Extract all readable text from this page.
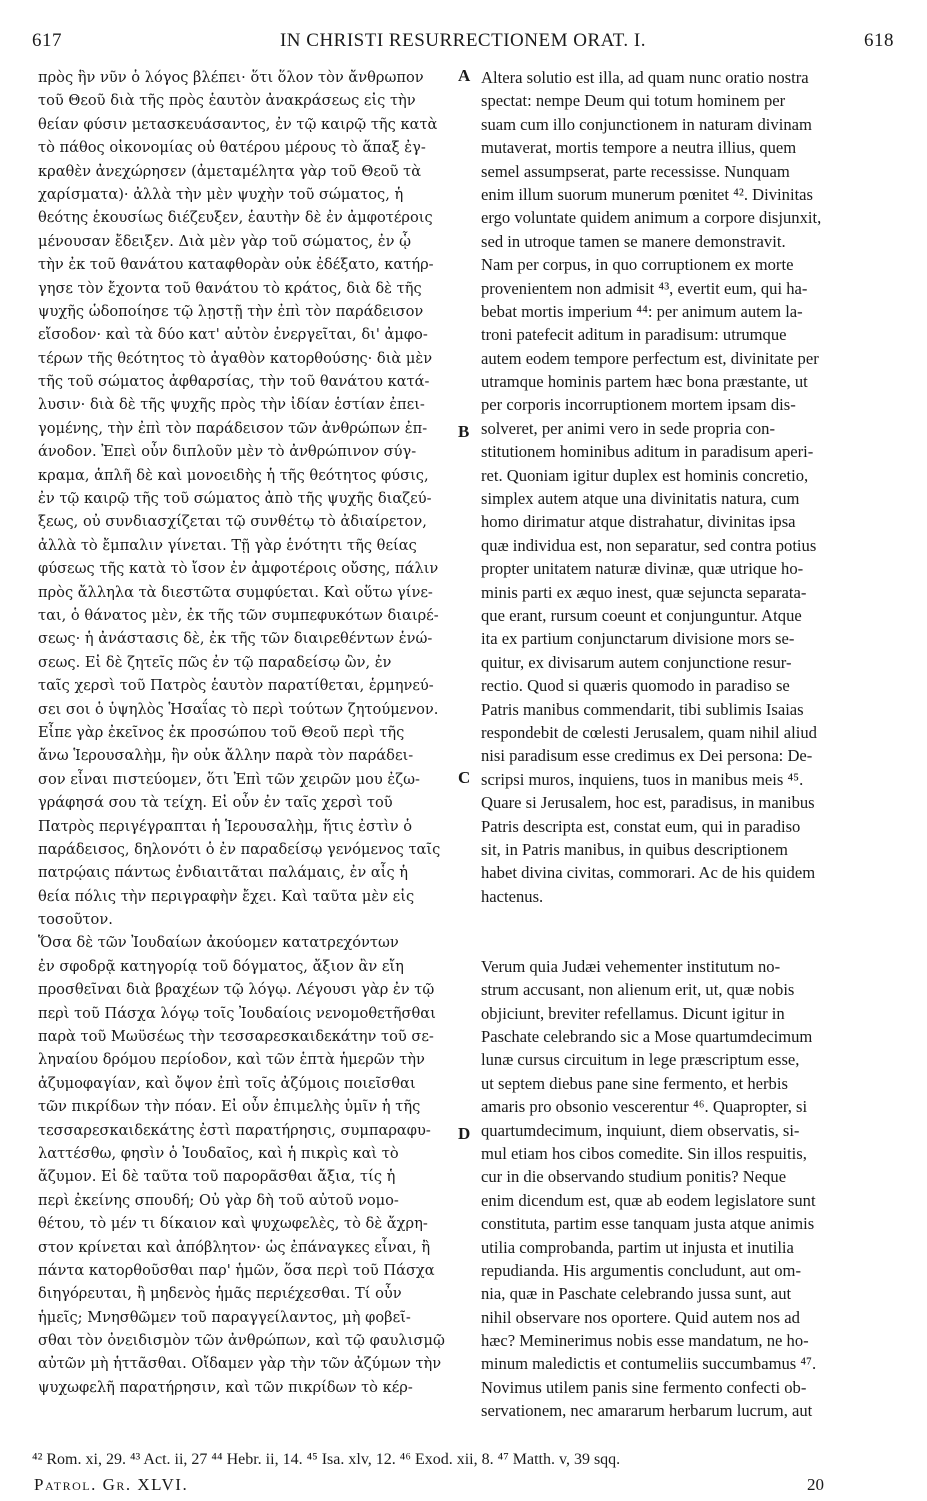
617	IN CHRISTI RESURRECTIONEM ORAT. I.	618
πρὸς ἣν νῦν ὁ λόγος βλέπει· ὅτι ὅλον τὸν ἄνθρωπον
τοῦ Θεοῦ διὰ τῆς πρὸς ἑαυτὸν ἀνακράσεως εἰς τὴν
θείαν φύσιν μετασκευάσαντος, ἐν τῷ καιρῷ τῆς κατὰ
τὸ πάθος οἰκονομίας οὐ θατέρου μέρους τὸ ἅπαξ ἐγ-
κραθὲν ἀνεχώρησεν (ἀμεταμέλητα γὰρ τοῦ Θεοῦ τὰ
χαρίσματα)· ἀλλὰ τὴν μὲν ψυχὴν τοῦ σώματος, ἡ
θεότης ἑκουσίως διέζευξεν, ἑαυτὴν δὲ ἐν ἀμφοτέροις
μένουσαν ἔδειξεν. Διὰ μὲν γὰρ τοῦ σώματος, ἐν ᾧ
τὴν ἐκ τοῦ θανάτου καταφθορὰν οὐκ ἐδέξατο, κατήρ-
γησε τὸν ἔχοντα τοῦ θανάτου τὸ κράτος, διὰ δὲ τῆς
ψυχῆς ὡδοποίησε τῷ λῃστῇ τὴν ἐπὶ τὸν παράδεισον
εἴσοδον· καὶ τὰ δύο κατ' αὐτὸν ἐνεργεῖται, δι' ἀμφο-
τέρων τῆς θεότητος τὸ ἀγαθὸν κατορθούσης· διὰ μὲν
τῆς τοῦ σώματος ἀφθαρσίας, τὴν τοῦ θανάτου κατά-
λυσιν· διὰ δὲ τῆς ψυχῆς πρὸς τὴν ἰδίαν ἑστίαν ἐπει-
γομένης, τὴν ἐπὶ τὸν παράδεισον τῶν ἀνθρώπων ἐπ-
άνοδον. Ἐπεὶ οὖν διπλοῦν μὲν τὸ ἀνθρώπινον σύγ-
κραμα, ἁπλῆ δὲ καὶ μονοειδὴς ἡ τῆς θεότητος φύσις,
ἐν τῷ καιρῷ τῆς τοῦ σώματος ἀπὸ τῆς ψυχῆς διαζεύ-
ξεως, οὐ συνδιασχίζεται τῷ συνθέτῳ τὸ ἀδιαίρετον,
ἀλλὰ τὸ ἔμπαλιν γίνεται. Τῇ γὰρ ἑνότητι τῆς θείας
φύσεως τῆς κατὰ τὸ ἴσον ἐν ἀμφοτέροις οὔσης, πάλιν
πρὸς ἄλληλα τὰ διεστῶτα συμφύεται. Καὶ οὕτω γίνε-
ται, ὁ θάνατος μὲν, ἐκ τῆς τῶν συμπεφυκότων διαιρέ-
σεως· ἡ ἀνάστασις δὲ, ἐκ τῆς τῶν διαιρεθέντων ἑνώ-
σεως. Εἰ δὲ ζητεῖς πῶς ἐν τῷ παραδείσῳ ὢν, ἐν
ταῖς χερσὶ τοῦ Πατρὸς ἑαυτὸν παρατίθεται, ἑρμηνεύ-
σει σοι ὁ ὑψηλὸς Ἡσαΐας τὸ περὶ τούτων ζητούμενον.
Εἶπε γὰρ ἐκεῖνος ἐκ προσώπου τοῦ Θεοῦ περὶ τῆς
ἄνω Ἱερουσαλὴμ, ἣν οὐκ ἄλλην παρὰ τὸν παράδει-
σον εἶναι πιστεύομεν, ὅτι Ἐπὶ τῶν χειρῶν μου ἐζω-
γράφησά σου τὰ τείχη. Εἰ οὖν ἐν ταῖς χερσὶ τοῦ
Πατρὸς περιγέγραπται ἡ Ἱερουσαλὴμ, ἥτις ἐστὶν ὁ
παράδεισος, δηλονότι ὁ ἐν παραδείσῳ γενόμενος ταῖς
πατρῴαις πάντως ἐνδιαιτᾶται παλάμαις, ἐν αἷς ἡ
θεία πόλις τὴν περιγραφὴν ἔχει. Καὶ ταῦτα μὲν εἰς
τοσοῦτον.
Ὅσα δὲ τῶν Ἰουδαίων ἀκούομεν κατατρεχόντων
ἐν σφοδρᾷ κατηγορίᾳ τοῦ δόγματος, ἄξιον ἂν εἴη
προσθεῖναι διὰ βραχέων τῷ λόγῳ. Λέγουσι γὰρ ἐν τῷ
περὶ τοῦ Πάσχα λόγῳ τοῖς Ἰουδαίοις νενομοθετῆσθαι
παρὰ τοῦ Μωϋσέως τὴν τεσσαρεσκαιδεκάτην τοῦ σε-
ληναίου δρόμου περίοδον, καὶ τῶν ἑπτὰ ἡμερῶν τὴν
ἀζυμοφαγίαν, καὶ ὄψον ἐπὶ τοῖς ἀζύμοις ποιεῖσθαι
τῶν πικρίδων τὴν πόαν. Εἰ οὖν ἐπιμελὴς ὑμῖν ἡ τῆς
τεσσαρεσκαιδεκάτης ἐστὶ παρατήρησις, συμπαραφυ-
λαττέσθω, φησὶν ὁ Ἰουδαῖος, καὶ ἡ πικρὶς καὶ τὸ
ἄζυμον. Εἰ δὲ ταῦτα τοῦ παρορᾶσθαι ἄξια, τίς ἡ
περὶ ἐκείνης σπουδή; Οὐ γὰρ δὴ τοῦ αὐτοῦ νομο-
θέτου, τὸ μέν τι δίκαιον καὶ ψυχωφελὲς, τὸ δὲ ἄχρη-
στον κρίνεται καὶ ἀπόβλητον· ὡς ἐπάναγκες εἶναι, ἢ
πάντα κατορθοῦσθαι παρ' ἡμῶν, ὅσα περὶ τοῦ Πάσχα
διηγόρευται, ἢ μηδενὸς ἡμᾶς περιέχεσθαι. Τί οὖν
ἡμεῖς; Μνησθῶμεν τοῦ παραγγείλαντος, μὴ φοβεῖ-
σθαι τὸν ὀνειδισμὸν τῶν ἀνθρώπων, καὶ τῷ φαυλισμῷ
αὐτῶν μὴ ἡττᾶσθαι. Οἴδαμεν γὰρ τὴν τῶν ἀζύμων τὴν
ψυχωφελῆ παρατήρησιν, καὶ τῶν πικρίδων τὸ κέρ-
Altera solutio est illa, ad quam nunc oratio nostra
spectat: nempe Deum qui totum hominem per
suam cum illo conjunctionem in naturam divinam
mutaverat, mortis tempore a neutra illius, quem
semel assumpserat, parte recessisse. Nunquam
enim illum suorum munerum pœnitet ⁴². Divinitas
ergo voluntate quidem animum a corpore disjunxit,
sed in utroque tamen se manere demonstravit.
Nam per corpus, in quo corruptionem ex morte
provenientem non admisit ⁴³, evertit eum, qui ha-
bebat mortis imperium ⁴⁴: per animum autem la-
troni patefecit aditum in paradisum: utrumque
autem eodem tempore perfectum est, divinitate per
utramque hominis partem hæc bona præstante, ut
per corporis incorruptionem mortem ipsam dis-
solveret, per animi vero in sede propria con-
stitutionem hominibus aditum in paradisum aperi-
ret. Quoniam igitur duplex est hominis concretio,
simplex autem atque una divinitatis natura, cum
homo dirimatur atque distrahatur, divinitas ipsa
quæ individua est, non separatur, sed contra potius
propter unitatem naturæ divinæ, quæ utrique ho-
minis parti ex æquo inest, quæ sejuncta separata-
que erant, rursum coeunt et conjunguntur. Atque
ita ex partium conjunctarum divisione mors se-
quitur, ex divisarum autem conjunctione resur-
rectio. Quod si quæris quomodo in paradiso se
Patris manibus commendarit, tibi sublimis Isaias
respondebit de cœlesti Jerusalem, quam nihil aliud
nisi paradisum esse credimus ex Dei persona: De-
scripsi muros, inquiens, tuos in manibus meis ⁴⁵.
Quare si Jerusalem, hoc est, paradisus, in manibus
Patris descripta est, constat eum, qui in paradiso
sit, in Patris manibus, in quibus descriptionem
habet divina civitas, commorari. Ac de his quidem
hactenus.
Verum quia Judæi vehementer institutum no-
strum accusant, non alienum erit, ut, quæ nobis
objiciunt, breviter refellamus. Dicunt igitur in
Paschate celebrando sic a Mose quartumdecimum
lunæ cursus circuitum in lege præscriptum esse,
ut septem diebus pane sine fermento, et herbis
amaris pro obsonio vescerentur ⁴⁶. Quapropter, si
quartumdecimum, inquiunt, diem observatis, si-
mul etiam hos cibos comedite. Sin illos respuitis,
cur in die observando studium ponitis? Neque
enim dicendum est, quæ ab eodem legislatore sunt
constituta, partim esse tanquam justa atque animis
utilia comprobanda, partim ut injusta et inutilia
repudianda. His argumentis concludunt, aut om-
nia, quæ in Paschate celebrando jussa sunt, aut
nihil observare nos oportere. Quid autem nos ad
hæc? Meminerimus nobis esse mandatum, ne ho-
minum maledictis et contumeliis succumbamus ⁴⁷.
Novimus utilem panis sine fermento confecti ob-
servationem, nec amararum herbarum lucrum, aut
A
B
C
D
⁴² Rom. xi, 29. ⁴³ Act. ii, 27 ⁴⁴ Hebr. ii, 14. ⁴⁵ Isa. xlv, 12. ⁴⁶ Exod. xii, 8. ⁴⁷ Matth. v, 39 sqq.
Patrol. Gr. XLVI.	20
